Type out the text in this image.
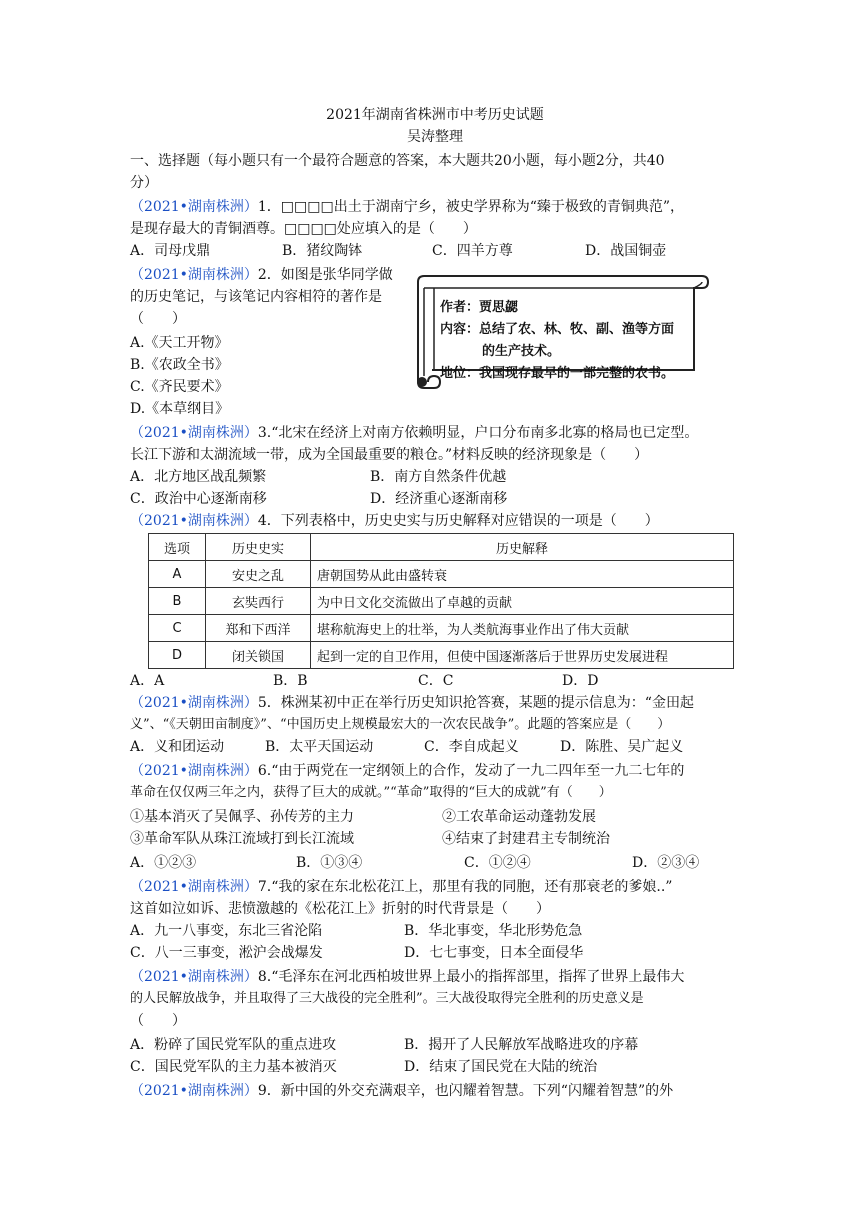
2021年湖南省株洲市中考历史试题
吴涛整理
一、选择题（每小题只有一个最符合题意的答案，本大题共20小题，每小题2分，共40
分）
（2021•湖南株洲）1．□□□□出土于湖南宁乡，被史学界称为“臻于极致的青铜典范”，
是现存最大的青铜酒尊。□□□□处应填入的是（　　）
A．司母戊鼎	B．猪纹陶钵	C．四羊方尊	D．战国铜壶
（2021•湖南株洲）2．如图是张华同学做
的历史笔记，与该笔记内容相符的著作是
（　　）
A.《天工开物》
B.《农政全书》
C.《齐民要术》
D.《本草纲目》
作者：贾思勰
内容：总结了农、林、牧、副、渔等方面
的生产技术。
地位：我国现存最早的一部完整的农书。
（2021•湖南株洲）3.“北宋在经济上对南方依赖明显，户口分布南多北寡的格局也已定型。
长江下游和太湖流域一带，成为全国最重要的粮仓。”材料反映的经济现象是（　　）
A．北方地区战乱频繁	B．南方自然条件优越
C．政治中心逐渐南移	D．经济重心逐渐南移
（2021•湖南株洲）4．下列表格中，历史史实与历史解释对应错误的一项是（　　）
选项	历史史实	历史解释
A	安史之乱	唐朝国势从此由盛转衰
B	玄奘西行	为中日文化交流做出了卓越的贡献
C	郑和下西洋	堪称航海史上的壮举，为人类航海事业作出了伟大贡献
D	闭关锁国	起到一定的自卫作用，但使中国逐渐落后于世界历史发展进程
A．A	B．B	C．C	D．D
（2021•湖南株洲）5．株洲某初中正在举行历史知识抢答赛，某题的提示信息为：“金田起
义”、“《天朝田亩制度》”、“中国历史上规模最宏大的一次农民战争”。此题的答案应是（　　）
A．义和团运动	B．太平天国运动	C．李自成起义	D．陈胜、吴广起义
（2021•湖南株洲）6.“由于两党在一定纲领上的合作，发动了一九二四年至一九二七年的
革命在仅仅两三年之内，获得了巨大的成就。”“革命”取得的“巨大的成就”有（　　）
①基本消灭了吴佩孚、孙传芳的主力	②工农革命运动蓬勃发展
③革命军队从珠江流域打到长江流域	④结束了封建君主专制统治
A．①②③	B．①③④	C．①②④	D．②③④
（2021•湖南株洲）7.“我的家在东北松花江上，那里有我的同胞，还有那衰老的爹娘..”
这首如泣如诉、悲愤激越的《松花江上》折射的时代背景是（　　）
A．九一八事变，东北三省沦陷	B．华北事变，华北形势危急
C．八一三事变，淞沪会战爆发	D．七七事变，日本全面侵华
（2021•湖南株洲）8.“毛泽东在河北西柏坡世界上最小的指挥部里，指挥了世界上最伟大
的人民解放战争，并且取得了三大战役的完全胜利”。三大战役取得完全胜利的历史意义是
（　　）
A．粉碎了国民党军队的重点进攻	B．揭开了人民解放军战略进攻的序幕
C．国民党军队的主力基本被消灭	D．结束了国民党在大陆的统治
（2021•湖南株洲）9．新中国的外交充满艰辛，也闪耀着智慧。下列“闪耀着智慧”的外
